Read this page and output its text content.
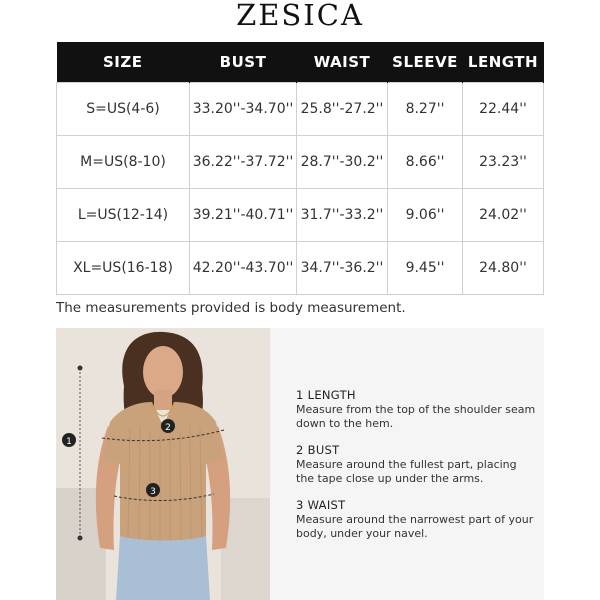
ZESICA
SIZE	BUST	WAIST	SLEEVE	LENGTH
S=US(4-6)	33.20''-34.70''	25.8''-27.2''	8.27''	22.44''
M=US(8-10)	36.22''-37.72''	28.7''-30.2''	8.66''	23.23''
L=US(12-14)	39.21''-40.71''	31.7''-33.2''	9.06''	24.02''
XL=US(16-18)	42.20''-43.70''	34.7''-36.2''	9.45''	24.80''
The measurements provided is body measurement.
1
2
3
1 LENGTH
Measure from the top of the shoulder seam down to the hem.
2 BUST
Measure around the fullest part, placing the tape close up under the arms.
3 WAIST
Measure around the narrowest part of your body, under your navel.
